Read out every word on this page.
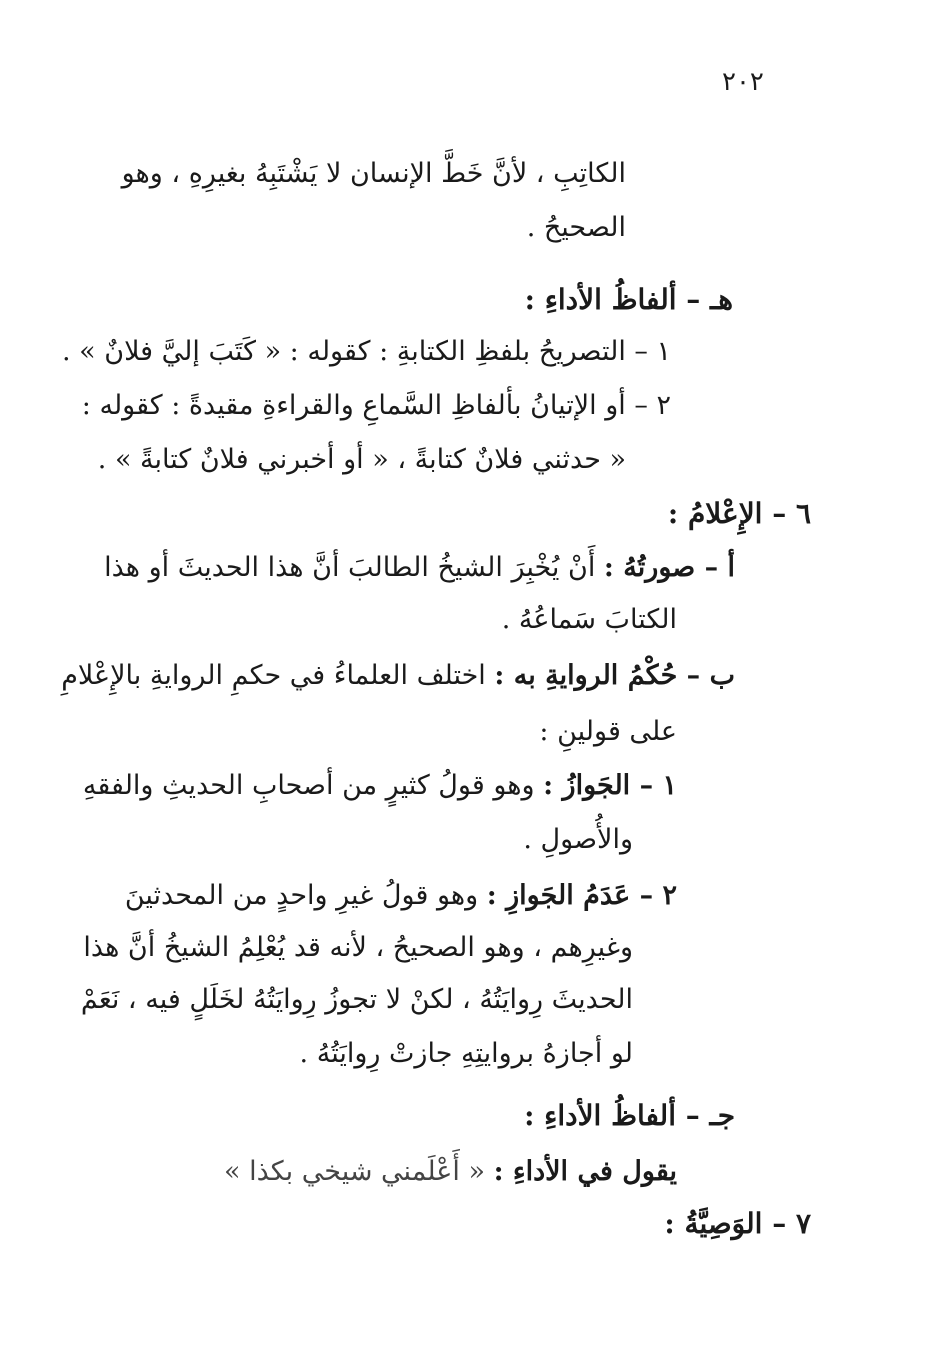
٢٠٢
الكاتِبِ ، لأنَّ خَطَّ الإنسان لا يَشْتَبِهُ بغيرِهِ ، وهو
الصحيحُ .
هـ – ألفاظُ الأداءِ :
١ – التصريحُ بلفظِ الكتابةِ : كقوله : « كَتَبَ إليَّ فلانٌ » .
٢ – أو الإتيانُ بألفاظِ السَّماعِ والقراءةِ مقيدةً : كقوله :
« حدثني فلانٌ كتابةً ، « أو أخبرني فلانٌ كتابةً » .
٦ – الإِعْلامُ :
أ – صورتُهُ : أَنْ يُخْبِرَ الشيخُ الطالبَ أنَّ هذا الحديثَ أو هذا
الكتابَ سَماعُهُ .
ب – حُكْمُ الروايةِ به : اختلف العلماءُ في حكمِ الروايةِ بالإِعْلامِ
على قولينِ :
١ – الجَوازُ : وهو قولُ كثيرٍ من أصحابِ الحديثِ والفقهِ
والأُصولِ .
٢ – عَدَمُ الجَوازِ : وهو قولُ غيرِ واحدٍ من المحدثينَ
وغيرِهم ، وهو الصحيحُ ، لأنه قد يُعْلِمُ الشيخُ أنَّ هذا
الحديثَ رِوايَتُهُ ، لكنْ لا تجوزُ رِوايَتُهُ لخَلَلٍ فيه ، نَعَمْ
لو أجازهُ بروايتِهِ جازتْ رِوايَتُهُ .
جـ – ألفاظُ الأداءِ :
يقول في الأداءِ : « أَعْلَمني شيخي بكذا »
٧ – الوَصِيَّةُ :
